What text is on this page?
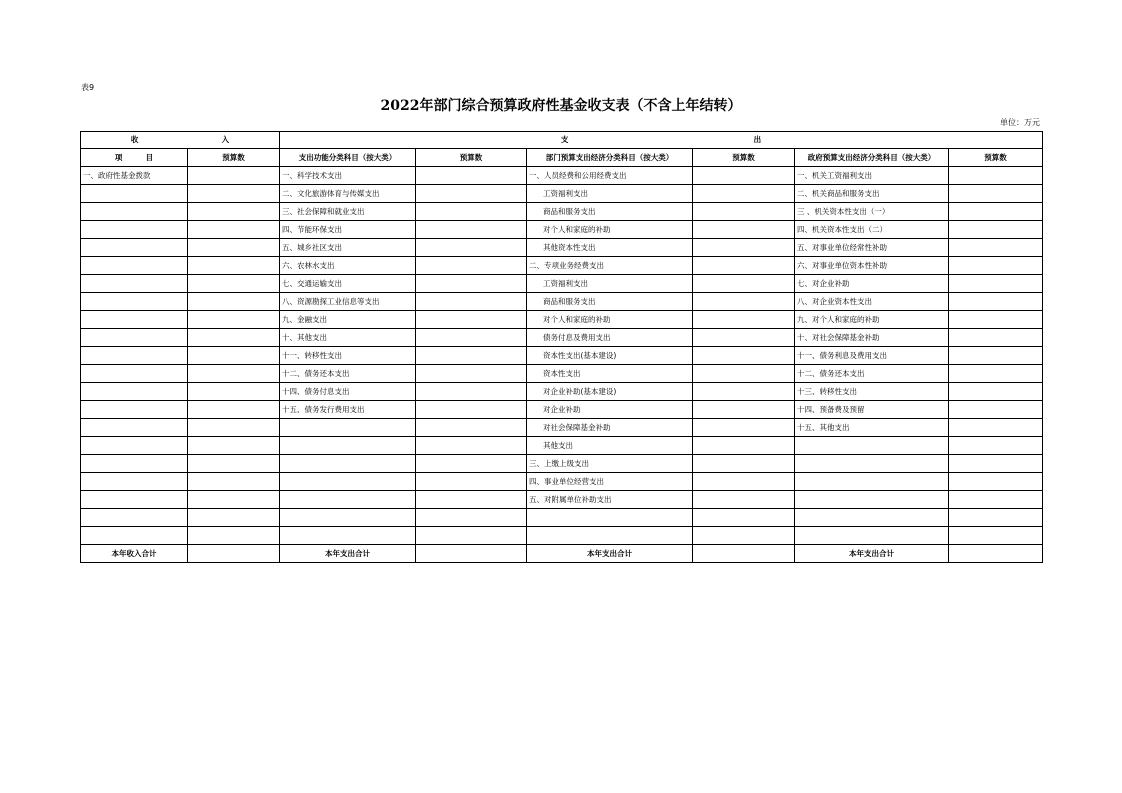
表9
2022年部门综合预算政府性基金收支表（不含上年结转）
单位：万元
收 入		支 出					
项 目	预算数	支出功能分类科目（按大类）	预算数	部门预算支出经济分类科目（按大类）	预算数	政府预算支出经济分类科目（按大类）	预算数
一、政府性基金拨款		一、科学技术支出		一、人员经费和公用经费支出		一、机关工资福利支出	
		二、文化旅游体育与传媒支出		工资福利支出		二、机关商品和服务支出	
		三、社会保障和就业支出		商品和服务支出		三 、机关资本性支出（一）	
		四、节能环保支出		对个人和家庭的补助		四、机关资本性支出（二）	
		五、城乡社区支出		其他资本性支出		五、对事业单位经常性补助	
		六、农林水支出		二、专项业务经费支出		六、对事业单位资本性补助	
		七、交通运输支出		工资福利支出		七、对企业补助	
		八、资源勘探工业信息等支出		商品和服务支出		八、对企业资本性支出	
		九、金融支出		对个人和家庭的补助		九、对个人和家庭的补助	
		十、其他支出		债务付息及费用支出		十、对社会保障基金补助	
		十一、转移性支出		资本性支出(基本建设)		十一、债务利息及费用支出	
		十二、债务还本支出		资本性支出		十二、债务还本支出	
		十四、债务付息支出		对企业补助(基本建设)		十三、转移性支出	
		十五、债务发行费用支出		对企业补助		十四、预备费及预留	
				对社会保障基金补助		十五、其他支出	
				其他支出			
				三、上缴上级支出			
				四、事业单位经营支出			
				五、对附属单位补助支出			

本年收入合计		本年支出合计		本年支出合计		本年支出合计	
